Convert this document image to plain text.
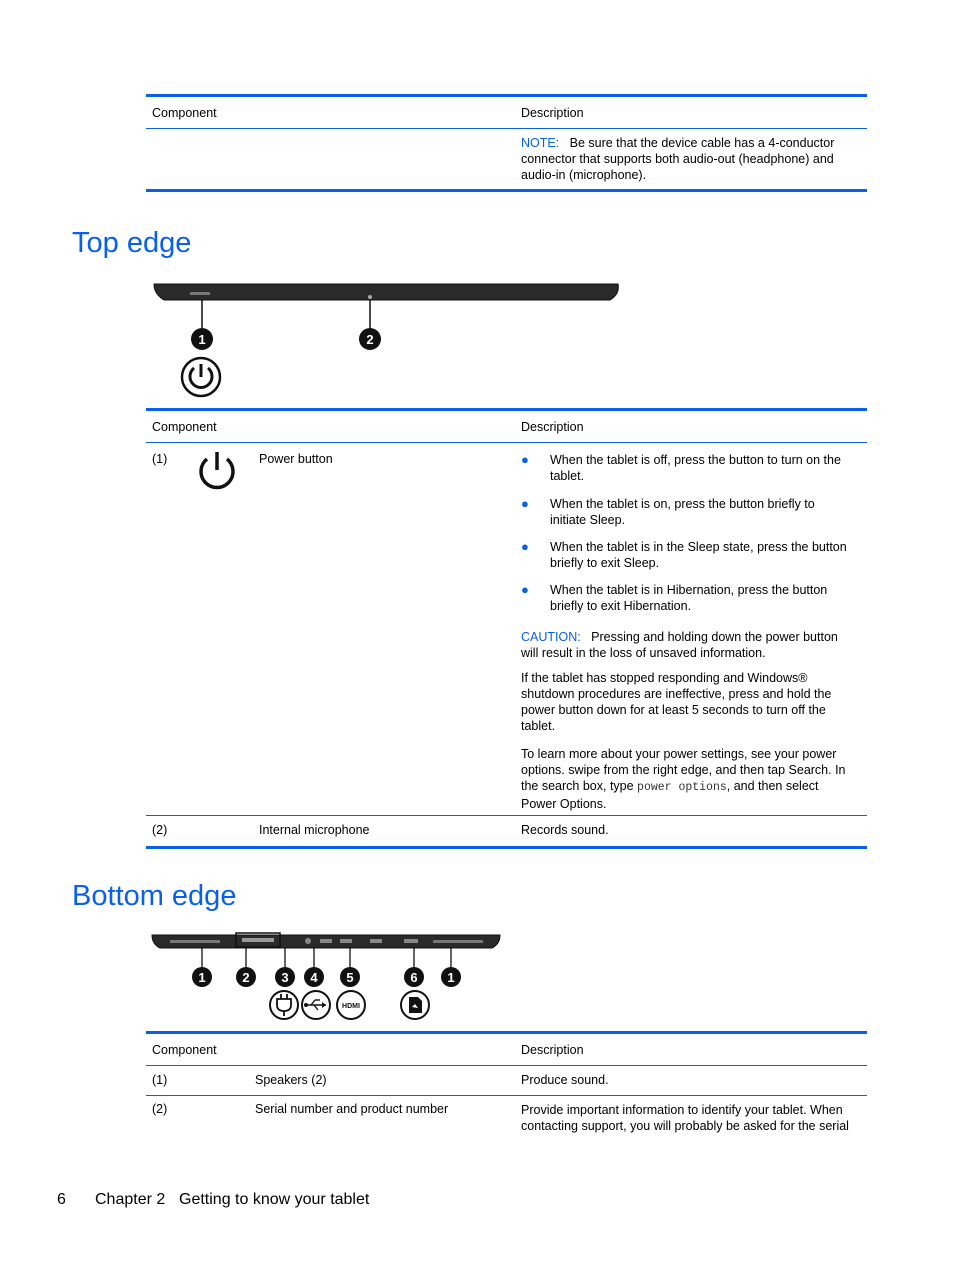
Component	Description
NOTE: Be sure that the device cable has a 4-conductor
connector that supports both audio-out (headphone) and
audio-in (microphone).
Top edge
1	2
Component	Description
(1)	Power button	● When the tablet is off, press the button to turn on the
tablet.
● When the tablet is on, press the button briefly to
initiate Sleep.
● When the tablet is in the Sleep state, press the button
briefly to exit Sleep.
● When the tablet is in Hibernation, press the button
briefly to exit Hibernation.
CAUTION: Pressing and holding down the power button
will result in the loss of unsaved information.
If the tablet has stopped responding and Windows®
shutdown procedures are ineffective, press and hold the
power button down for at least 5 seconds to turn off the
tablet.
To learn more about your power settings, see your power
options. swipe from the right edge, and then tap Search. In
the search box, type power options, and then select
Power Options.
(2)	Internal microphone	Records sound.
Bottom edge
1	2 3 4 5	6 1
HDMI
Component	Description
(1)	Speakers (2)	Produce sound.
(2)	Serial number and product number	Provide important information to identify your tablet. When
contacting support, you will probably be asked for the serial
6 Chapter 2 Getting to know your tablet
